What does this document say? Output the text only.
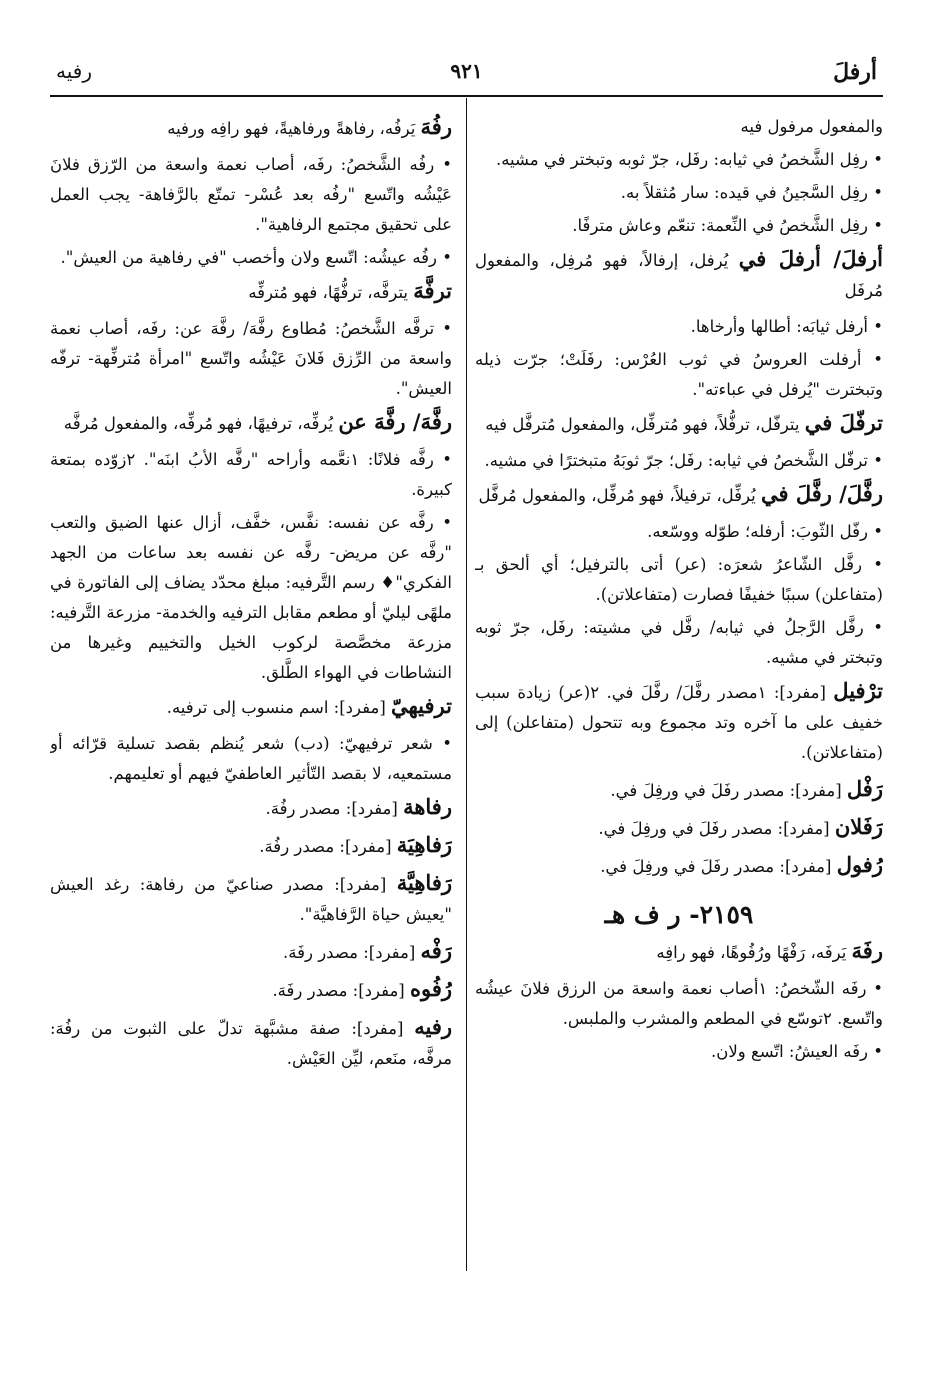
أرفلَ
٩٢١
رفيه
والمفعول مرفول فيه
• رفِل الشَّخصُ في ثيابه: رفَل، جرّ ثوبه وتبختر في مشيه.
• رفِل السَّجينُ في قيده: سار مُثقلاً به.
• رفِل الشَّخصُ في النِّعمة: تنعّم وعاش مترفًا.
أرفلَ/ أرفلَ في يُرفل، إرفالاً، فهو مُرفِل، والمفعول مُرفَل
• أرفل ثيابَه: أطالها وأرخاها.
• أرفلت العروسُ في ثوب العُرْس: رفَلَتْ؛ جرّت ذيله وتبخترت "يُرفل في عباءته".
ترفّلَ في يترفّل، ترفُّلاً، فهو مُترفِّل، والمفعول مُترفَّل فيه
• ترفّل الشَّخصُ في ثيابه: رفَل؛ جرّ ثوبَهُ متبخترًا في مشيه.
رفَّلَ/ رفَّلَ في يُرفِّل، ترفيلاً، فهو مُرفِّل، والمفعول مُرفَّل
• رفّل الثّوبَ: أرفله؛ طوّله ووسّعه.
• رفَّل الشّاعرُ شعرَه: (عر) أتى بالترفيل؛ أي ألحق بـ (متفاعلن) سببًا خفيفًا فصارت (متفاعلاتن).
• رفَّل الرَّجلُ في ثيابه/ رفَّل في مشيته: رفَل، جرّ ثوبه وتبختر في مشيه.
ترْفيل [مفرد]: ١مصدر رفَّلَ/ رفَّلَ في. ٢(عر) زيادة سبب خفيف على ما آخره وتد مجموع وبه تتحول (متفاعلن) إلى (متفاعلاتن).
رَفْل [مفرد]: مصدر رفَلَ في ورفِلَ في.
رَفَلان [مفرد]: مصدر رفَلَ في ورفِلَ في.
رُفول [مفرد]: مصدر رفَلَ في ورفِلَ في.
٢١٥٩- ر ف هـ
رفَهَ يَرفَه، رَفْهًا ورُفُوهًا، فهو رافِه
• رفَه الشّخصُ: ١أصاب نعمة واسعة من الرزق فلانَ عيشُه واتّسع. ٢توسّع في المطعم والمشرب والملبس.
• رفَه العيشُ: اتّسع ولان.
رفُهَ يَرفُه، رفاهةً ورفاهيةً، فهو رافِه ورفيه
• رفُه الشَّخصُ: رفَه، أصاب نعمة واسعة من الرّزق فلانَ عَيْشُه واتّسع "رفُه بعد عُسْر- تمتّع بالرَّفاهة- يجب العمل على تحقيق مجتمع الرفاهية".
• رفُه عيشُه: اتّسع ولان وأخصب "في رفاهية من العيش".
ترفَّهَ يترفَّه، ترفُّهًا، فهو مُترفِّه
• ترفَّه الشَّخصُ: مُطاوع رفَّهَ/ رفَّهَ عن: رفَه، أصاب نعمة واسعة من الرِّزق فَلانَ عَيْشُه واتّسع "امرأة مُترفِّهة- ترفّه العيش".
رفَّهَ/ رفَّهَ عن يُرفِّه، ترفيهًا، فهو مُرفِّه، والمفعول مُرفَّه
• رفَّه فلانًا: ١نعَّمه وأراحه "رفَّه الأبُ ابنَه". ٢زوّده بمتعة كبيرة.
• رفَّه عن نفسه: نفَّس، خفَّف، أزال عنها الضيق والتعب "رفَّه عن مريض- رفَّه عن نفسه بعد ساعات من الجهد الفكري"♦ رسم التَّرفيه: مبلغ محدّد يضاف إلى الفاتورة في ملهًى ليليّ أو مطعم مقابل الترفيه والخدمة- مزرعة التَّرفيه: مزرعة مخصَّصة لركوب الخيل والتخييم وغيرها من النشاطات في الهواء الطَّلق.
ترفيهيّ [مفرد]: اسم منسوب إلى ترفيه.
• شعر ترفيهيّ: (دب) شعر يُنظم بقصد تسلية قرّائه أو مستمعيه، لا بقصد التّأثير العاطفيّ فيهم أو تعليمهم.
رفاهة [مفرد]: مصدر رفُهَ.
رَفاهِيَة [مفرد]: مصدر رفُهَ.
رَفاهِيَّة [مفرد]: مصدر صناعيّ من رفاهة: رغد العيش "يعيش حياة الرَّفاهيَّة".
رَفْه [مفرد]: مصدر رفَهَ.
رُفُوه [مفرد]: مصدر رفَهَ.
رفيه [مفرد]: صفة مشبَّهة تدلّ على الثبوت من رفُهَ: مرفَّه، منَعم، ليِّن العَيْش.
